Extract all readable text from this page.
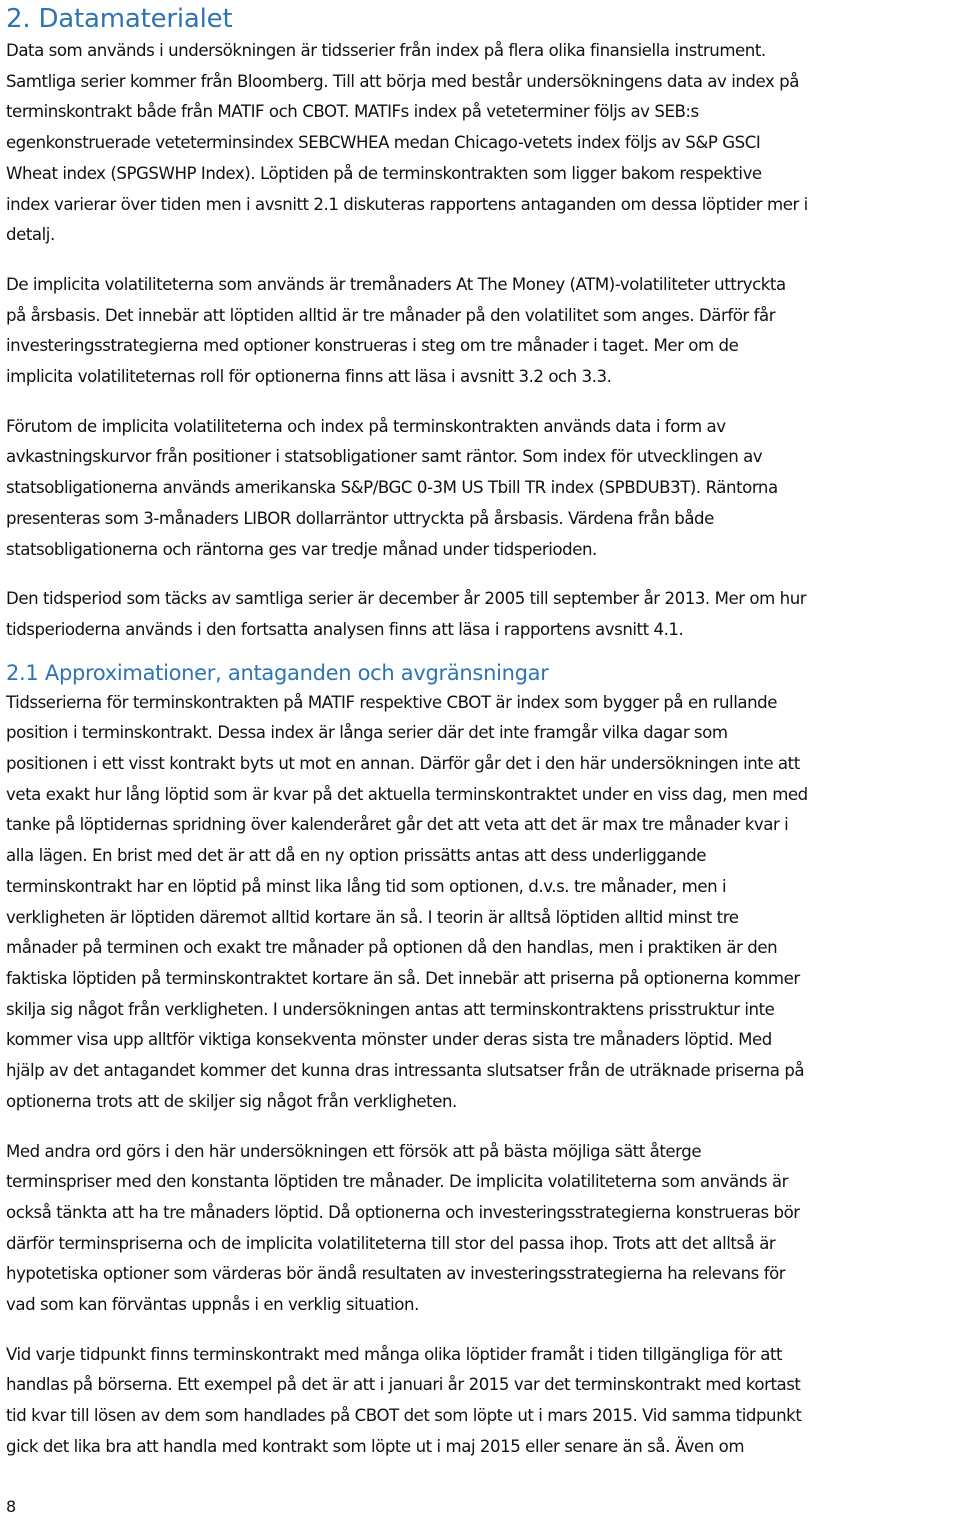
2. Datamaterialet
Data som används i undersökningen är tidsserier från index på flera olika finansiella instrument.
Samtliga serier kommer från Bloomberg. Till att börja med består undersökningens data av index på
terminskontrakt både från MATIF och CBOT. MATIFs index på veteterminer följs av SEB:s
egenkonstruerade veteterminsindex SEBCWHEA medan Chicago-vetets index följs av S&P GSCI
Wheat index (SPGSWHP Index). Löptiden på de terminskontrakten som ligger bakom respektive
index varierar över tiden men i avsnitt 2.1 diskuteras rapportens antaganden om dessa löptider mer i
detalj.
De implicita volatiliteterna som används är tremånaders At The Money (ATM)-volatiliteter uttryckta
på årsbasis. Det innebär att löptiden alltid är tre månader på den volatilitet som anges. Därför får
investeringsstrategierna med optioner konstrueras i steg om tre månader i taget. Mer om de
implicita volatiliteternas roll för optionerna finns att läsa i avsnitt 3.2 och 3.3.
Förutom de implicita volatiliteterna och index på terminskontrakten används data i form av
avkastningskurvor från positioner i statsobligationer samt räntor. Som index för utvecklingen av
statsobligationerna används amerikanska S&P/BGC 0-3M US Tbill TR index (SPBDUB3T). Räntorna
presenteras som 3-månaders LIBOR dollarräntor uttryckta på årsbasis. Värdena från både
statsobligationerna och räntorna ges var tredje månad under tidsperioden.
Den tidsperiod som täcks av samtliga serier är december år 2005 till september år 2013. Mer om hur
tidsperioderna används i den fortsatta analysen finns att läsa i rapportens avsnitt 4.1.
2.1 Approximationer, antaganden och avgränsningar
Tidsserierna för terminskontrakten på MATIF respektive CBOT är index som bygger på en rullande
position i terminskontrakt. Dessa index är långa serier där det inte framgår vilka dagar som
positionen i ett visst kontrakt byts ut mot en annan. Därför går det i den här undersökningen inte att
veta exakt hur lång löptid som är kvar på det aktuella terminskontraktet under en viss dag, men med
tanke på löptidernas spridning över kalenderåret går det att veta att det är max tre månader kvar i
alla lägen. En brist med det är att då en ny option prissätts antas att dess underliggande
terminskontrakt har en löptid på minst lika lång tid som optionen, d.v.s. tre månader, men i
verkligheten är löptiden däremot alltid kortare än så. I teorin är alltså löptiden alltid minst tre
månader på terminen och exakt tre månader på optionen då den handlas, men i praktiken är den
faktiska löptiden på terminskontraktet kortare än så. Det innebär att priserna på optionerna kommer
skilja sig något från verkligheten. I undersökningen antas att terminskontraktens prisstruktur inte
kommer visa upp alltför viktiga konsekventa mönster under deras sista tre månaders löptid. Med
hjälp av det antagandet kommer det kunna dras intressanta slutsatser från de uträknade priserna på
optionerna trots att de skiljer sig något från verkligheten.
Med andra ord görs i den här undersökningen ett försök att på bästa möjliga sätt återge
terminspriser med den konstanta löptiden tre månader. De implicita volatiliteterna som används är
också tänkta att ha tre månaders löptid. Då optionerna och investeringsstrategierna konstrueras bör
därför terminspriserna och de implicita volatiliteterna till stor del passa ihop. Trots att det alltså är
hypotetiska optioner som värderas bör ändå resultaten av investeringsstrategierna ha relevans för
vad som kan förväntas uppnås i en verklig situation.
Vid varje tidpunkt finns terminskontrakt med många olika löptider framåt i tiden tillgängliga för att
handlas på börserna. Ett exempel på det är att i januari år 2015 var det terminskontrakt med kortast
tid kvar till lösen av dem som handlades på CBOT det som löpte ut i mars 2015. Vid samma tidpunkt
gick det lika bra att handla med kontrakt som löpte ut i maj 2015 eller senare än så. Även om
8
